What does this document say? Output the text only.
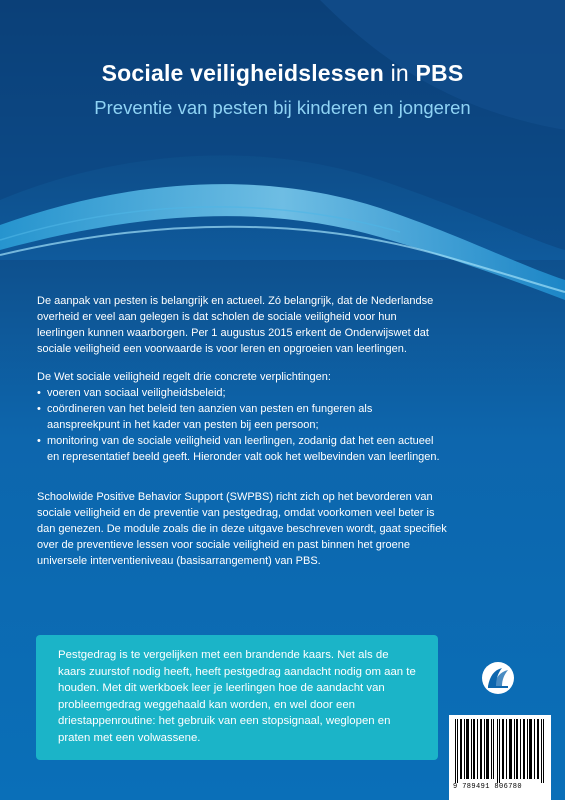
Sociale veiligheidslessen in PBS
Preventie van pesten bij kinderen en jongeren

De aanpak van pesten is belangrijk en actueel. Zó belangrijk, dat de Nederlandse overheid er veel aan gelegen is dat scholen de sociale veiligheid voor hun leerlingen kunnen waarborgen. Per 1 augustus 2015 erkent de Onderwijswet dat sociale veiligheid een voorwaarde is voor leren en opgroeien van leerlingen.

De Wet sociale veiligheid regelt drie concrete verplichtingen:

• voeren van sociaal veiligheidsbeleid;
• coördineren van het beleid ten aanzien van pesten en fungeren als aanspreekpunt in het kader van pesten bij een persoon;
• monitoring van de sociale veiligheid van leerlingen, zodanig dat het een actueel en representatief beeld geeft. Hieronder valt ook het welbevinden van leerlingen.

Schoolwide Positive Behavior Support (SWPBS) richt zich op het bevorderen van sociale veiligheid en de preventie van pestgedrag, omdat voorkomen veel beter is dan genezen. De module zoals die in deze uitgave beschreven wordt, gaat specifiek over de preventieve lessen voor sociale veiligheid en past binnen het groene universele interventieniveau (basisarrangement) van PBS.

Pestgedrag is te vergelijken met een brandende kaars. Net als de kaars zuurstof nodig heeft, heeft pestgedrag aandacht nodig om aan te houden. Met dit werkboek leer je leerlingen hoe de aandacht van probleemgedrag weggehaald kan worden, en wel door een driestappenroutine: het gebruik van een stopsignaal, weglopen en praten met een volwassene.
9 789491 806780
